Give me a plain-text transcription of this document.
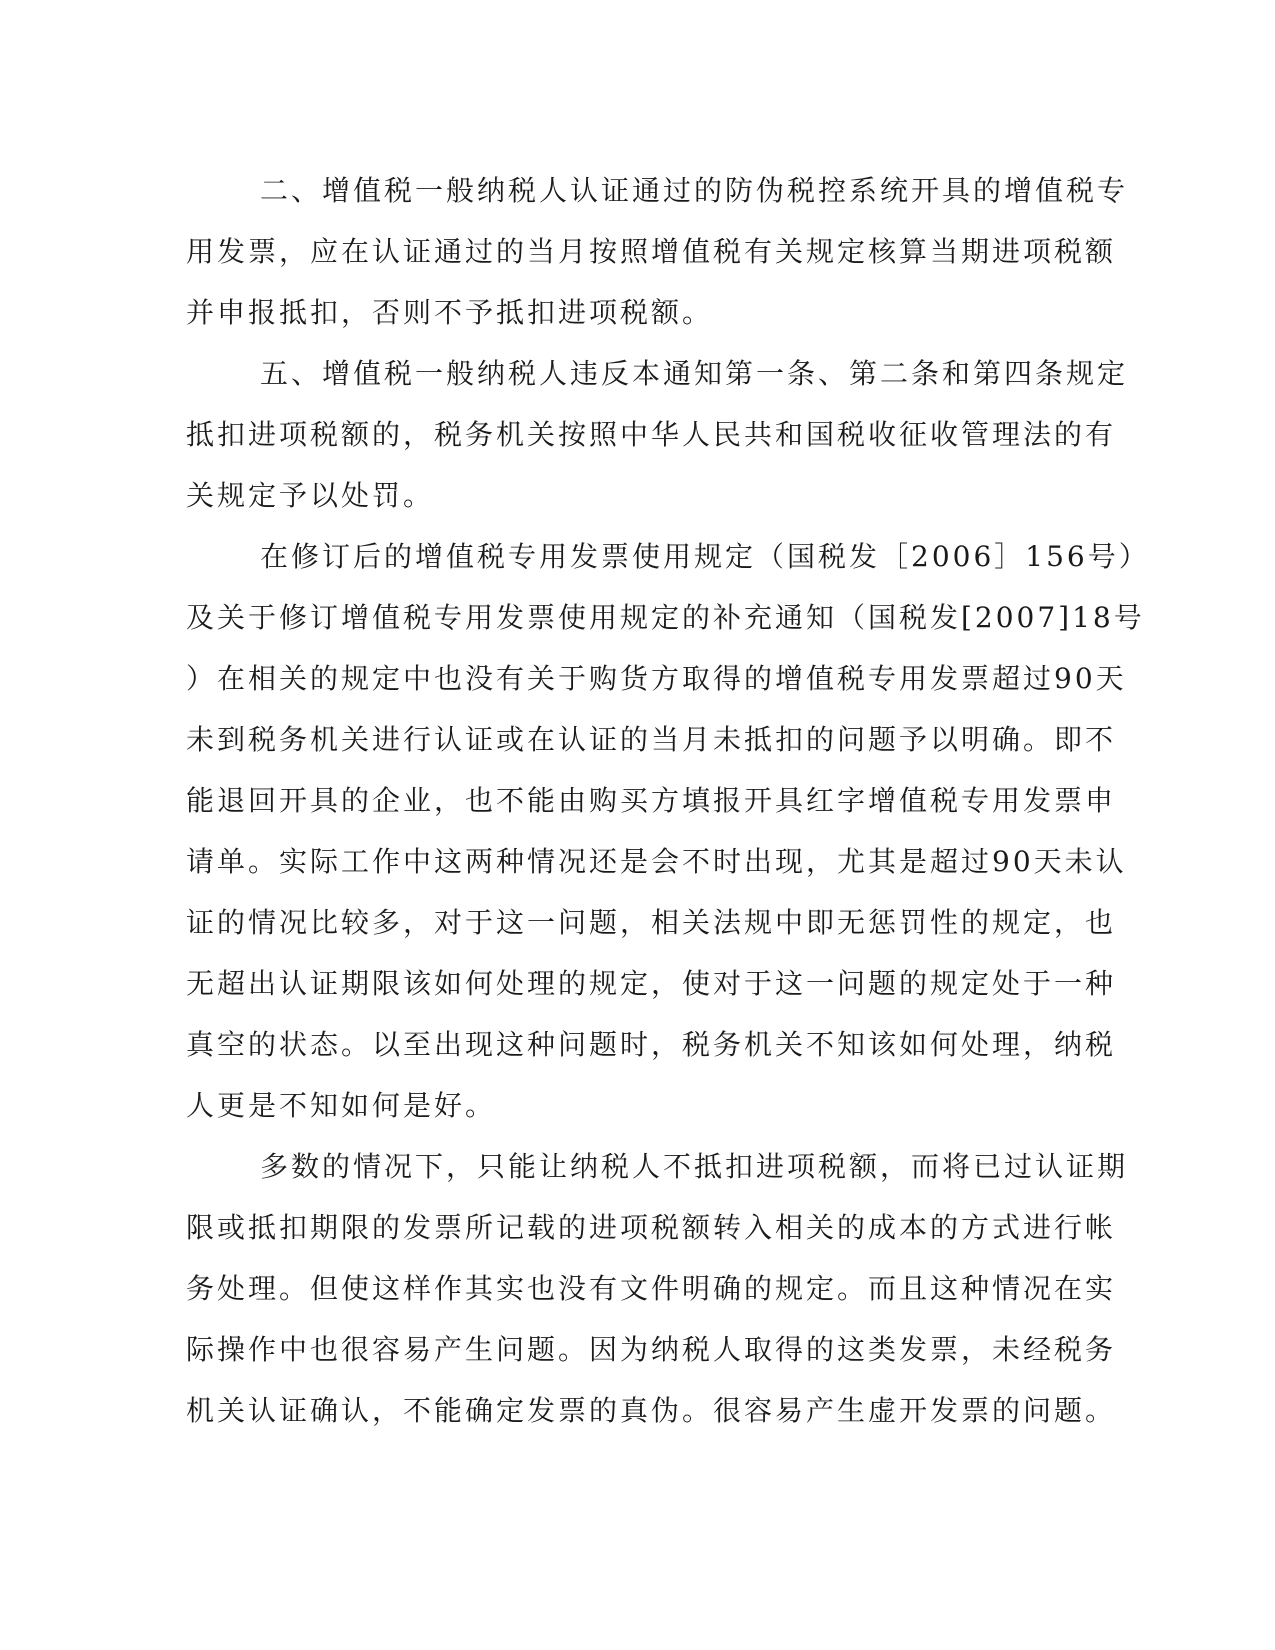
二、增值税一般纳税人认证通过的防伪税控系统开具的增值税专
用发票，应在认证通过的当月按照增值税有关规定核算当期进项税额
并申报抵扣，否则不予抵扣进项税额。
五、增值税一般纳税人违反本通知第一条、第二条和第四条规定
抵扣进项税额的，税务机关按照中华人民共和国税收征收管理法的有
关规定予以处罚。
在修订后的增值税专用发票使用规定（国税发［2006］156号）
及关于修订增值税专用发票使用规定的补充通知（国税发[2007]18号
）在相关的规定中也没有关于购货方取得的增值税专用发票超过90天
未到税务机关进行认证或在认证的当月未抵扣的问题予以明确。即不
能退回开具的企业，也不能由购买方填报开具红字增值税专用发票申
请单。实际工作中这两种情况还是会不时出现，尤其是超过90天未认
证的情况比较多，对于这一问题，相关法规中即无惩罚性的规定，也
无超出认证期限该如何处理的规定，使对于这一问题的规定处于一种
真空的状态。以至出现这种问题时，税务机关不知该如何处理，纳税
人更是不知如何是好。
多数的情况下，只能让纳税人不抵扣进项税额，而将已过认证期
限或抵扣期限的发票所记载的进项税额转入相关的成本的方式进行帐
务处理。但使这样作其实也没有文件明确的规定。而且这种情况在实
际操作中也很容易产生问题。因为纳税人取得的这类发票，未经税务
机关认证确认，不能确定发票的真伪。很容易产生虚开发票的问题。
